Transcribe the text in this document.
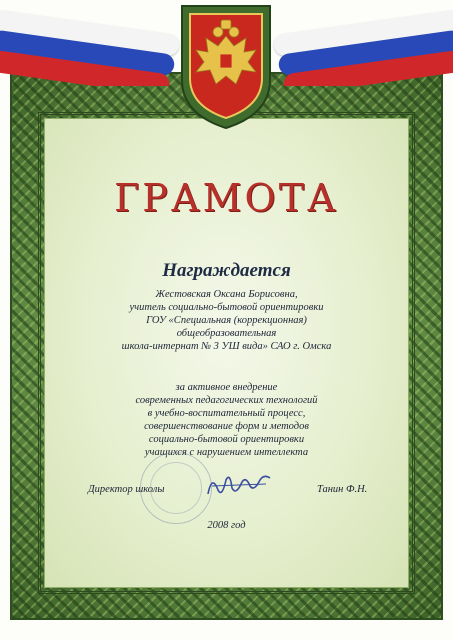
ГРАМОТА
Награждается
Жестовская Оксана Борисовна,
учитель социально-бытовой ориентировки
ГОУ «Специальная (коррекционная)
общеобразовательная
школа-интернат № 3 УШ вида» САО г. Омска
за активное внедрение
современных педагогических технологий
в учебно-воспитательный процесс,
совершенствование форм и методов
социально-бытовой ориентировки
учащихся с нарушением интеллекта
Директор школы	Танин Ф.Н.
2008 год
